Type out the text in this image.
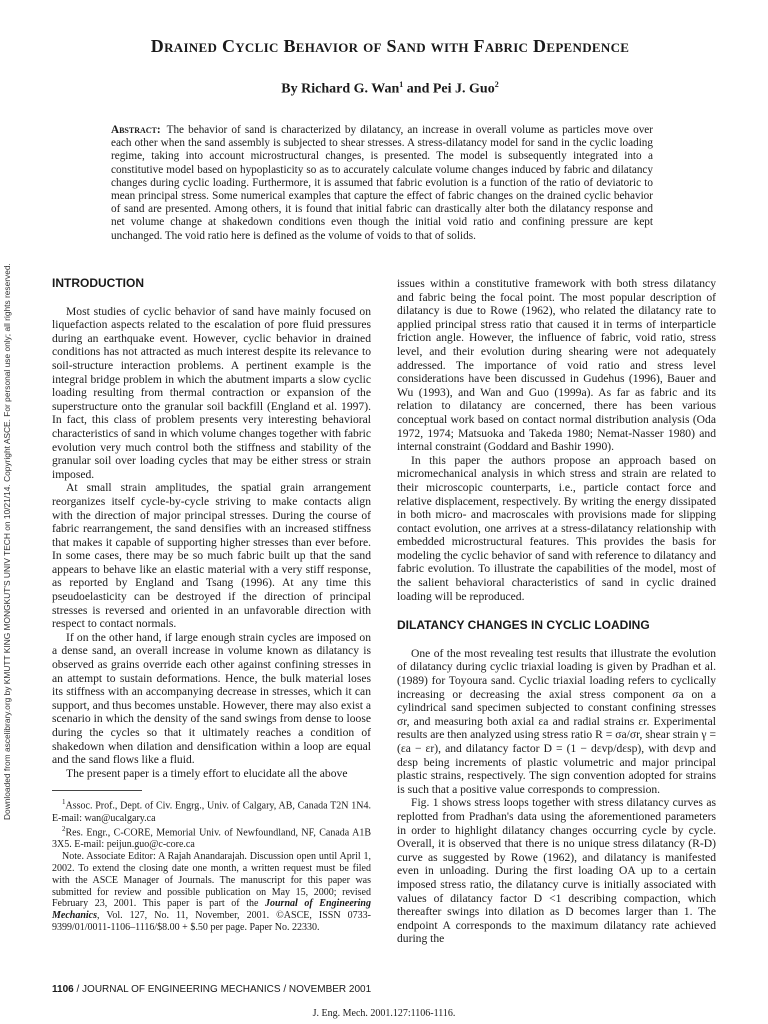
Downloaded from ascelibrary.org by KMUTT KING MONGKUT'S UNIV TECH on 10/21/14. Copyright ASCE. For personal use only; all rights reserved.
Drained Cyclic Behavior of Sand with Fabric Dependence
By Richard G. Wan$^1$ and Pei J. Guo$^2$
Abstract: The behavior of sand is characterized by dilatancy, an increase in overall volume as particles move over each other when the sand assembly is subjected to shear stresses. A stress-dilatancy model for sand in the cyclic loading regime, taking into account microstructural changes, is presented. The model is subsequently integrated into a constitutive model based on hypoplasticity so as to accurately calculate volume changes induced by fabric and dilatancy changes during cyclic loading. Furthermore, it is assumed that fabric evolution is a function of the ratio of deviatoric to mean principal stress. Some numerical examples that capture the effect of fabric changes on the drained cyclic behavior of sand are presented. Among others, it is found that initial fabric can drastically alter both the dilatancy response and net volume change at shakedown conditions even though the initial void ratio and confining pressure are kept unchanged. The void ratio here is defined as the volume of voids to that of solids.
INTRODUCTION

Most studies of cyclic behavior of sand have mainly focused on liquefaction aspects related to the escalation of pore fluid pressures during an earthquake event. However, cyclic behavior in drained conditions has not attracted as much interest despite its relevance to soil-structure interaction problems. A pertinent example is the integral bridge problem in which the abutment imparts a slow cyclic loading resulting from thermal contraction or expansion of the superstructure onto the granular soil backfill (England et al. 1997). In fact, this class of problem presents very interesting behavioral characteristics of sand in which volume changes together with fabric evolution very much control both the stiffness and stability of the granular soil over loading cycles that may be either stress or strain imposed.

At small strain amplitudes, the spatial grain arrangement reorganizes itself cycle-by-cycle striving to make contacts align with the direction of major principal stresses. During the course of fabric rearrangement, the sand densifies with an increased stiffness that makes it capable of supporting higher stresses than ever before. In some cases, there may be so much fabric built up that the sand appears to behave like an elastic material with a very stiff response, as reported by England and Tsang (1996). At any time this pseudoelasticity can be destroyed if the direction of principal stresses is reversed and oriented in an unfavorable direction with respect to contact normals.

If on the other hand, if large enough strain cycles are imposed on a dense sand, an overall increase in volume known as dilatancy is observed as grains override each other against confining stresses in an attempt to sustain deformations. Hence, the bulk material loses its stiffness with an accompanying decrease in stresses, which it can support, and thus becomes unstable. However, there may also exist a scenario in which the density of the sand swings from dense to loose during the cycles so that it ultimately reaches a condition of shakedown when dilation and densification within a loop are equal and the sand flows like a fluid.

The present paper is a timely effort to elucidate all the above

$^1$Assoc. Prof., Dept. of Civ. Engrg., Univ. of Calgary, AB, Canada T2N 1N4. E-mail: wan@ucalgary.ca

$^2$Res. Engr., C-CORE, Memorial Univ. of Newfoundland, NF, Canada A1B 3X5. E-mail: peijun.guo@c-core.ca

Note. Associate Editor: A Rajah Anandarajah. Discussion open until April 1, 2002. To extend the closing date one month, a written request must be filed with the ASCE Manager of Journals. The manuscript for this paper was submitted for review and possible publication on May 15, 2000; revised February 23, 2001. This paper is part of the Journal of Engineering Mechanics, Vol. 127, No. 11, November, 2001. ©ASCE, ISSN 0733-9399/01/0011-1106–1116/$8.00 + $.50 per page. Paper No. 22330.

issues within a constitutive framework with both stress dilatancy and fabric being the focal point. The most popular description of dilatancy is due to Rowe (1962), who related the dilatancy rate to applied principal stress ratio that caused it in terms of interparticle friction angle. However, the influence of fabric, void ratio, stress level, and their evolution during shearing were not adequately addressed. The importance of void ratio and stress level considerations have been discussed in Gudehus (1996), Bauer and Wu (1993), and Wan and Guo (1999a). As far as fabric and its relation to dilatancy are concerned, there has been various conceptual work based on contact normal distribution analysis (Oda 1972, 1974; Matsuoka and Takeda 1980; Nemat-Nasser 1980) and internal constraint (Goddard and Bashir 1990).

In this paper the authors propose an approach based on micromechanical analysis in which stress and strain are related to their microscopic counterparts, i.e., particle contact force and relative displacement, respectively. By writing the energy dissipated in both micro- and macroscales with provisions made for slipping contact evolution, one arrives at a stress-dilatancy relationship with embedded microstructural features. This provides the basis for modeling the cyclic behavior of sand with reference to dilatancy and fabric evolution. To illustrate the capabilities of the model, most of the salient behavioral characteristics of sand in cyclic drained loading will be reproduced.

DILATANCY CHANGES IN CYCLIC LOADING

One of the most revealing test results that illustrate the evolution of dilatancy during cyclic triaxial loading is given by Pradhan et al. (1989) for Toyoura sand. Cyclic triaxial loading refers to cyclically increasing or decreasing the axial stress component σa on a cylindrical sand specimen subjected to constant confining stresses σr, and measuring both axial εa and radial strains εr. Experimental results are then analyzed using stress ratio R = σa/σr, shear strain γ = (εa − εr), and dilatancy factor D = (1 − dεvp/dεsp), with dεvp and dεsp being increments of plastic volumetric and major principal plastic strains, respectively. The sign convention adopted for strains is such that a positive value corresponds to compression.

Fig. 1 shows stress loops together with stress dilatancy curves as replotted from Pradhan's data using the aforementioned parameters in order to highlight dilatancy changes occurring cycle by cycle. Overall, it is observed that there is no unique stress dilatancy (R-D) curve as suggested by Rowe (1962), and dilatancy is manifested even in unloading. During the first loading OA up to a certain imposed stress ratio, the dilatancy curve is initially associated with values of dilatancy factor D <1 describing compaction, which thereafter swings into dilation as D becomes larger than 1. The endpoint A corresponds to the maximum dilatancy rate achieved during the

1106 / JOURNAL OF ENGINEERING MECHANICS / NOVEMBER 2001
J. Eng. Mech. 2001.127:1106-1116.
